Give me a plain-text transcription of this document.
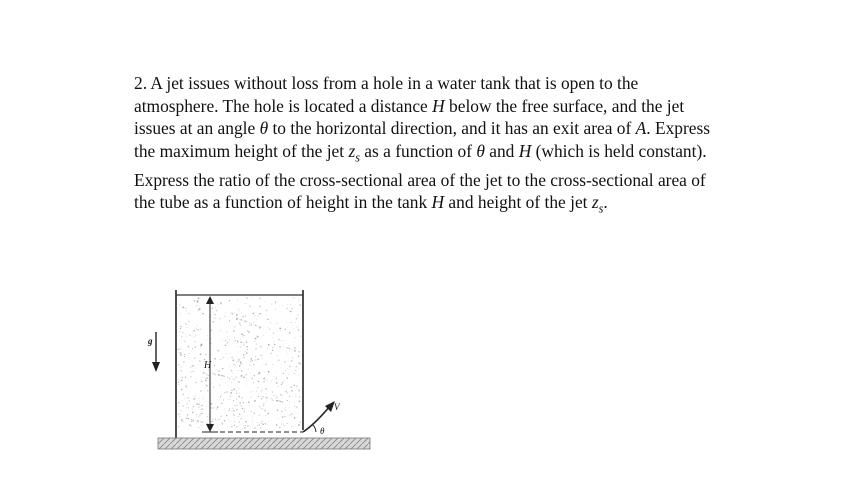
2. A jet issues without loss from a hole in a water tank that is open to the

atmosphere. The hole is located a distance H below the free surface, and the jet

issues at an angle θ to the horizontal direction, and it has an exit area of A. Express

the maximum height of the jet $z_s$ as a function of θ and H (which is held constant).

Express the ratio of the cross-sectional area of the jet to the cross-sectional area of

the tube as a function of height in the tank H and height of the jet $z_s$.

H
g
V
θ
